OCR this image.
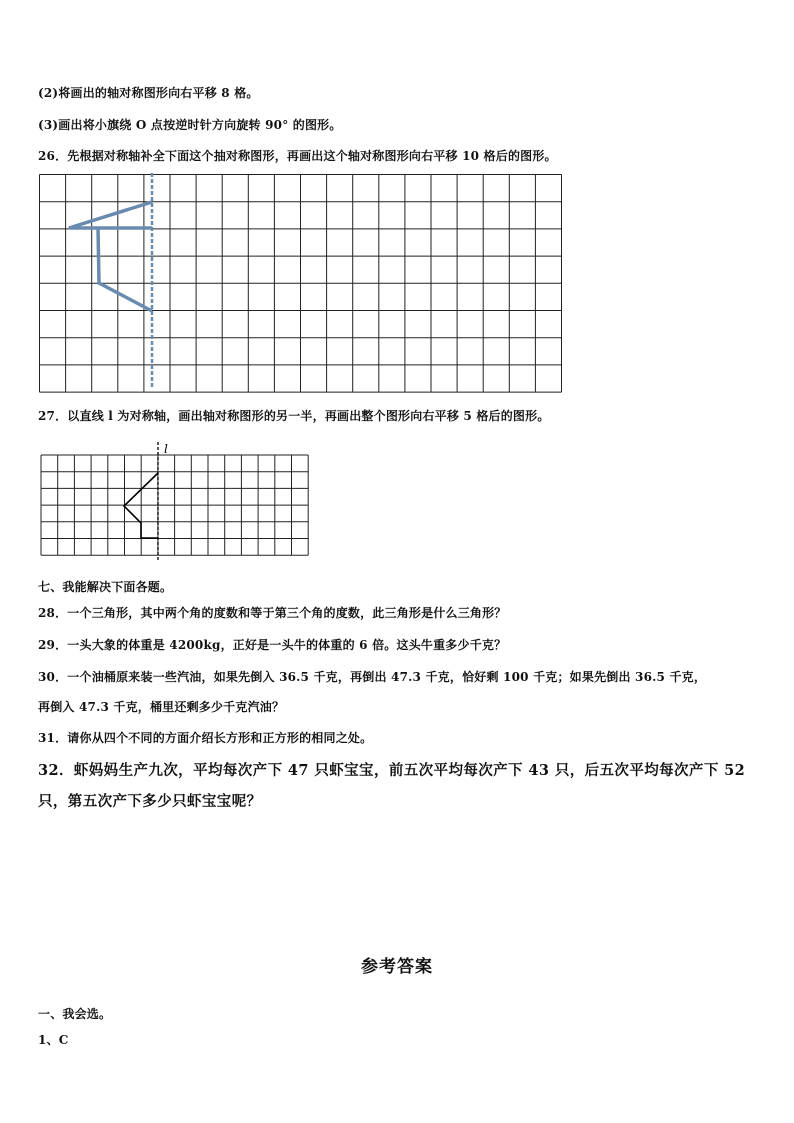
(2)将画出的轴对称图形向右平移 8 格。
(3)画出将小旗绕 O 点按逆时针方向旋转 90° 的图形。
26．先根据对称轴补全下面这个抽对称图形，再画出这个轴对称图形向右平移 10 格后的图形。
27．以直线 l 为对称轴，画出轴对称图形的另一半，再画出整个图形向右平移 5 格后的图形。
l
七、我能解决下面各题。
28．一个三角形，其中两个角的度数和等于第三个角的度数，此三角形是什么三角形？
29．一头大象的体重是 4200kg，正好是一头牛的体重的 6 倍。这头牛重多少千克？
30．一个油桶原来装一些汽油，如果先倒入 36.5 千克，再倒出 47.3 千克，恰好剩 100 千克；如果先倒出 36.5 千克，
再倒入 47.3 千克，桶里还剩多少千克汽油？
31．请你从四个不同的方面介绍长方形和正方形的相同之处。
32．虾妈妈生产九次，平均每次产下 47 只虾宝宝，前五次平均每次产下 43 只，后五次平均每次产下 52
只，第五次产下多少只虾宝宝呢？
参考答案
一、我会选。
1、C
